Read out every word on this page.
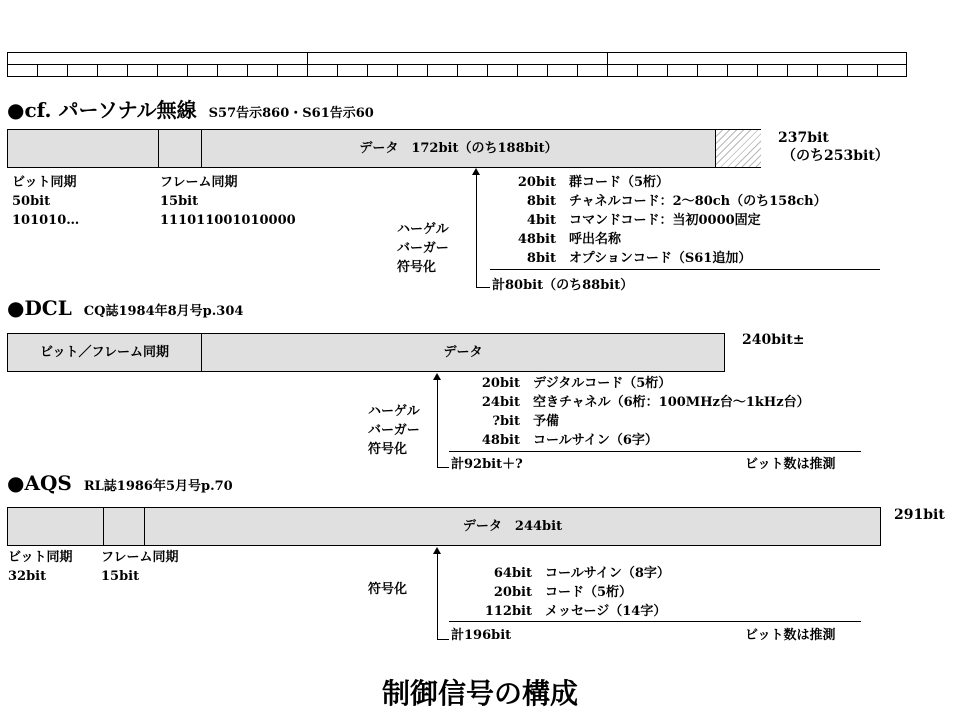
●cf. パーソナル無線 S57告示860・S61告示60
データ　172bit（のち188bit）
237bit
（のち253bit）
ビット同期
50bit
101010…
フレーム同期
15bit
111011001010000
ハーゲル
バーガー
符号化
20bit　 群コード（5桁）
8bit　 チャネルコード：2～80ch（のち158ch）
4bit　 コマンドコード：当初0000固定
48bit　 呼出名称
8bit　 オプションコード（S61追加）
計80bit（のち88bit）
●DCL CQ誌1984年8月号p.304
ビット／フレーム同期	データ
240bit±
ハーゲル
バーガー
符号化
20bit　 デジタルコード（5桁）
24bit　 空きチャネル（6桁：100MHz台～1kHz台）
?bit　 予備
48bit　 コールサイン（6字）
計92bit＋?	ビット数は推測
●AQS RL誌1986年5月号p.70
データ　244bit
291bit
ビット同期
32bit
フレーム同期
15bit
符号化
64bit　 コールサイン（8字）
20bit　 コード（5桁）
112bit　 メッセージ（14字）
計196bit	ビット数は推測
制御信号の構成
